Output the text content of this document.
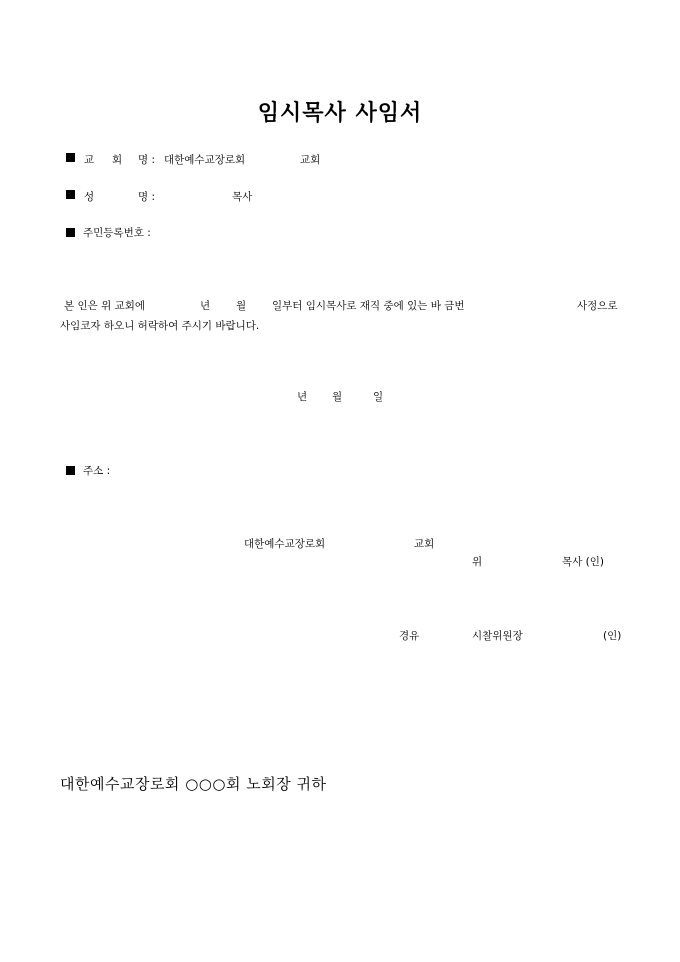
임시목사 사임서
교 회 명 : 대한예수교장로회	교회
성	명 :	목사
주민등록번호 :
본 인은 위 교회에	년 월 일부터 임시목사로 재직 중에 있는 바 금번	사정으로
사임코자 하오니 허락하여 주시기 바랍니다.
년 월	일
주소 :
대한예수교장로회	교회
위	목사 (인)
경유	시찰위원장	(인)
대한예수교장로회 ○○○회 노회장 귀하
